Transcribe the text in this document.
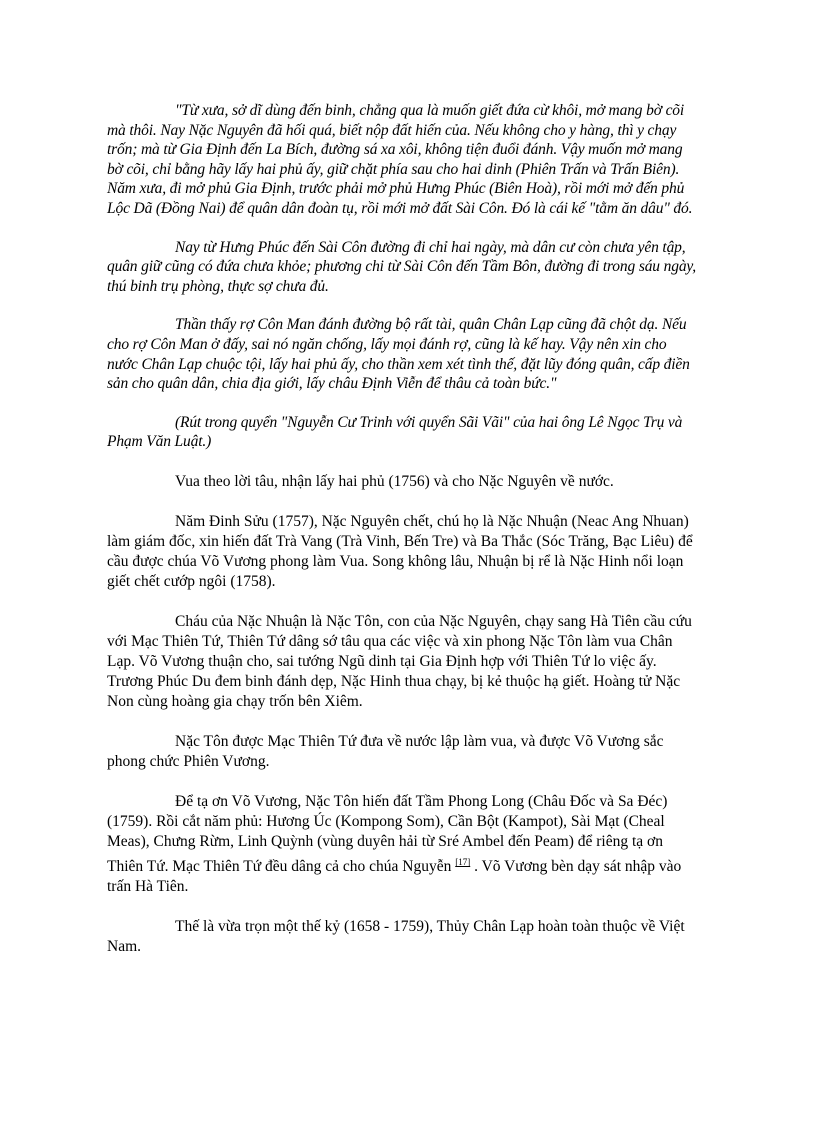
"Từ xưa, sở dĩ dùng đến binh, chẳng qua là muốn giết đứa cừ khôi, mở mang bờ cõi mà thôi. Nay Nặc Nguyên đã hối quá, biết nộp đất hiến của. Nếu không cho y hàng, thì y chạy trốn; mà từ Gia Định đến La Bích, đường sá xa xôi, không tiện đuổi đánh. Vậy muốn mở mang bờ cõi, chỉ bằng hãy lấy hai phủ ấy, giữ chặt phía sau cho hai dinh (Phiên Trấn và Trấn Biên). Năm xưa, đi mở phủ Gia Định, trước phải mở phủ Hưng Phúc (Biên Hoà), rồi mới mở đến phủ Lộc Dã (Đồng Nai) để quân dân đoàn tụ, rồi mới mở đất Sài Côn. Đó là cái kế "tằm ăn dâu" đó.

Nay từ Hưng Phúc đến Sài Côn đường đi chỉ hai ngày, mà dân cư còn chưa yên tập, quân giữ cũng có đứa chưa khỏe; phương chi từ Sài Côn đến Tầm Bôn, đường đi trong sáu ngày, thú binh trụ phòng, thực sợ chưa đủ.

Thần thấy rợ Côn Man đánh đường bộ rất tài, quân Chân Lạp cũng đã chột dạ. Nếu cho rợ Côn Man ở đấy, sai nó ngăn chống, lấy mọi đánh rợ, cũng là kế hay. Vậy nên xin cho nước Chân Lạp chuộc tội, lấy hai phủ ấy, cho thần xem xét tình thế, đặt lũy đóng quân, cấp điền sản cho quân dân, chia địa giới, lấy châu Định Viễn để thâu cả toàn bức."

(Rút trong quyển "Nguyễn Cư Trinh với quyển Sãi Vãi" của hai ông Lê Ngọc Trụ và Phạm Văn Luật.)

Vua theo lời tâu, nhận lấy hai phủ (1756) và cho Nặc Nguyên về nước.

Năm Đinh Sửu (1757), Nặc Nguyên chết, chú họ là Nặc Nhuận (Neac Ang Nhuan) làm giám đốc, xin hiến đất Trà Vang (Trà Vinh, Bến Tre) và Ba Thắc (Sóc Trăng, Bạc Liêu) để cầu được chúa Võ Vương phong làm Vua. Song không lâu, Nhuận bị rể là Nặc Hinh nổi loạn giết chết cướp ngôi (1758).

Cháu của Nặc Nhuận là Nặc Tôn, con của Nặc Nguyên, chạy sang Hà Tiên cầu cứu với Mạc Thiên Tứ, Thiên Tứ dâng sớ tâu qua các việc và xin phong Nặc Tôn làm vua Chân Lạp. Võ Vương thuận cho, sai tướng Ngũ dinh tại Gia Định hợp với Thiên Tứ lo việc ấy. Trương Phúc Du đem binh đánh dẹp, Nặc Hinh thua chạy, bị kẻ thuộc hạ giết. Hoàng tử Nặc Non cùng hoàng gia chạy trốn bên Xiêm.

Nặc Tôn được Mạc Thiên Tứ đưa về nước lập làm vua, và được Võ Vương sắc phong chức Phiên Vương.

Để tạ ơn Võ Vương, Nặc Tôn hiến đất Tầm Phong Long (Châu Đốc và Sa Đéc) (1759). Rồi cắt năm phủ: Hương Úc (Kompong Som), Cần Bột (Kampot), Sài Mạt (Cheal Meas), Chưng Rừm, Linh Quỳnh (vùng duyên hải từ Sré Ambel đến Peam) để riêng tạ ơn Thiên Tứ. Mạc Thiên Tứ đều dâng cả cho chúa Nguyễn [17] . Võ Vương bèn dạy sát nhập vào trấn Hà Tiên.

Thế là vừa trọn một thế kỷ (1658 - 1759), Thủy Chân Lạp hoàn toàn thuộc về Việt Nam.
